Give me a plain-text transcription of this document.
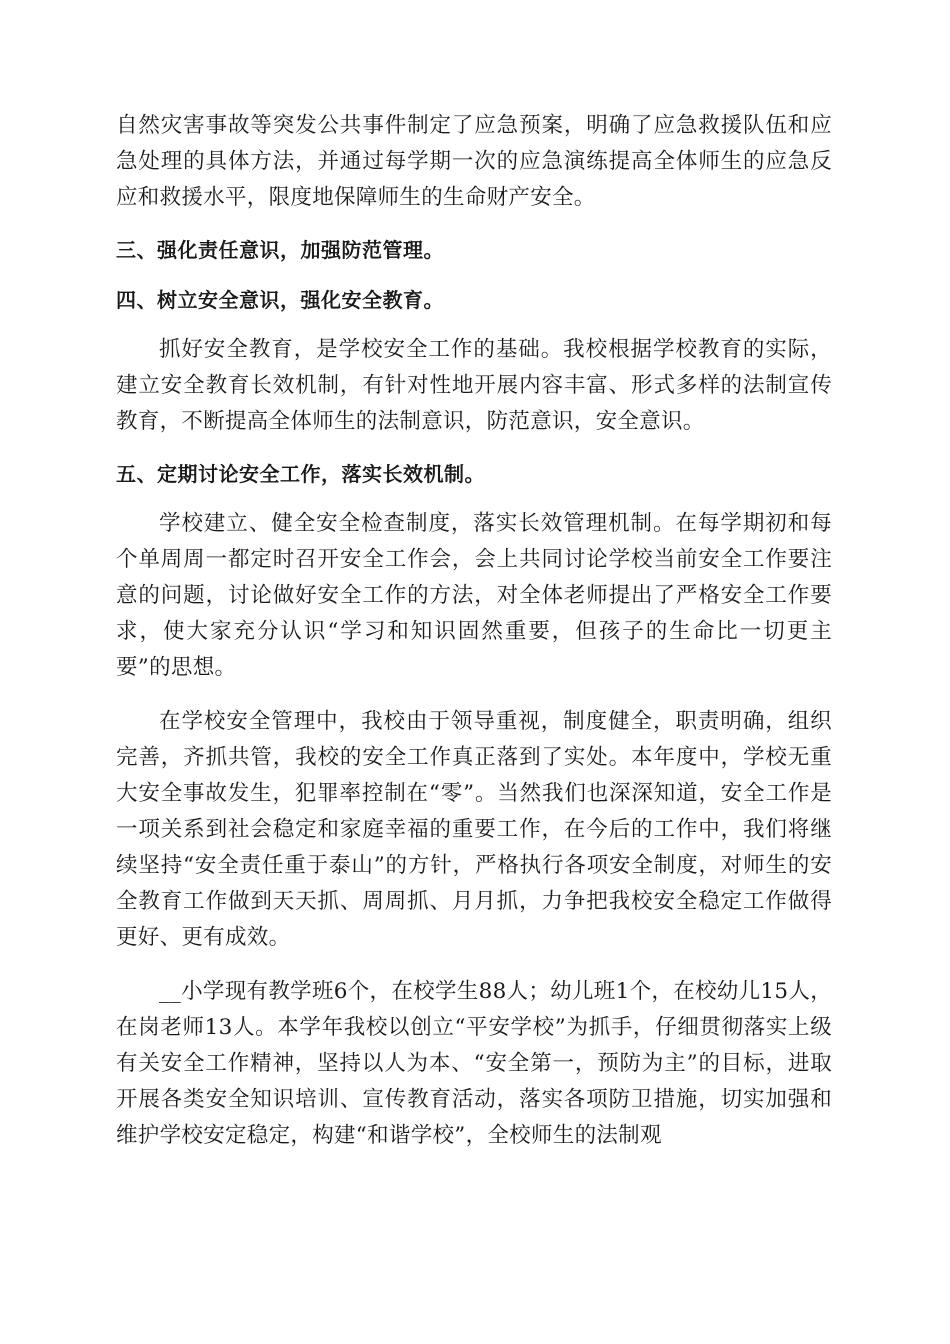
自然灾害事故等突发公共事件制定了应急预案，明确了应急救援队伍和应急处理的具体方法，并通过每学期一次的应急演练提高全体师生的应急反应和救援水平，限度地保障师生的生命财产安全。

三、强化责任意识，加强防范管理。

四、树立安全意识，强化安全教育。

抓好安全教育，是学校安全工作的基础。我校根据学校教育的实际，建立安全教育长效机制，有针对性地开展内容丰富、形式多样的法制宣传教育，不断提高全体师生的法制意识，防范意识，安全意识。

五、定期讨论安全工作，落实长效机制。

学校建立、健全安全检查制度，落实长效管理机制。在每学期初和每个单周周一都定时召开安全工作会，会上共同讨论学校当前安全工作要注意的问题，讨论做好安全工作的方法，对全体老师提出了严格安全工作要求，使大家充分认识“学习和知识固然重要，但孩子的生命比一切更主要”的思想。

在学校安全管理中，我校由于领导重视，制度健全，职责明确，组织完善，齐抓共管，我校的安全工作真正落到了实处。本年度中，学校无重大安全事故发生，犯罪率控制在“零”。当然我们也深深知道，安全工作是一项关系到社会稳定和家庭幸福的重要工作，在今后的工作中，我们将继续坚持“安全责任重于泰山”的方针，严格执行各项安全制度，对师生的安全教育工作做到天天抓、周周抓、月月抓，力争把我校安全稳定工作做得更好、更有成效。

__小学现有教学班6个，在校学生88人；幼儿班1个，在校幼儿15人，在岗老师13人。本学年我校以创立“平安学校”为抓手，仔细贯彻落实上级有关安全工作精神，坚持以人为本、“安全第一，预防为主”的目标，进取开展各类安全知识培训、宣传教育活动，落实各项防卫措施，切实加强和维护学校安定稳定，构建“和谐学校”，全校师生的法制观
